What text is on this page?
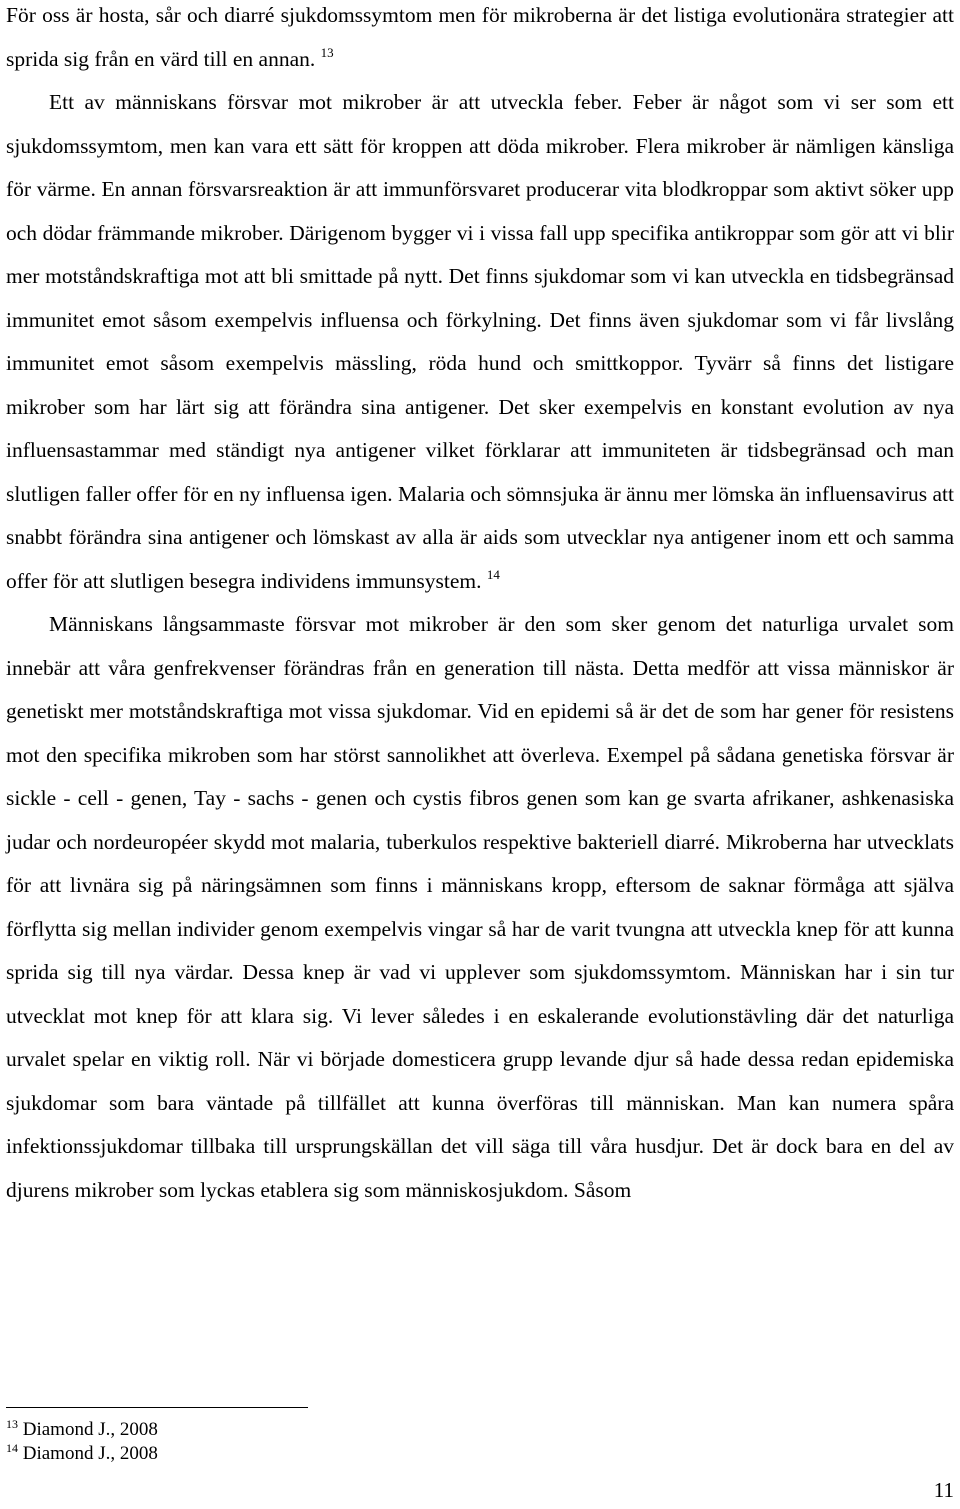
För oss är hosta, sår och diarré sjukdomssymtom men för mikroberna är det listiga evolutionära strategier att sprida sig från en värd till en annan. $^{13}$

Ett av människans försvar mot mikrober är att utveckla feber. Feber är något som vi ser som ett sjukdomssymtom, men kan vara ett sätt för kroppen att döda mikrober. Flera mikrober är nämligen känsliga för värme. En annan försvarsreaktion är att immunförsvaret producerar vita blodkroppar som aktivt söker upp och dödar främmande mikrober. Därigenom bygger vi i vissa fall upp specifika antikroppar som gör att vi blir mer motståndskraftiga mot att bli smittade på nytt. Det finns sjukdomar som vi kan utveckla en tidsbegränsad immunitet emot såsom exempelvis influensa och förkylning. Det finns även sjukdomar som vi får livslång immunitet emot såsom exempelvis mässling, röda hund och smittkoppor. Tyvärr så finns det listigare mikrober som har lärt sig att förändra sina antigener. Det sker exempelvis en konstant evolution av nya influensastammar med ständigt nya antigener vilket förklarar att immuniteten är tidsbegränsad och man slutligen faller offer för en ny influensa igen. Malaria och sömnsjuka är ännu mer lömska än influensavirus att snabbt förändra sina antigener och lömskast av alla är aids som utvecklar nya antigener inom ett och samma offer för att slutligen besegra individens immunsystem. $^{14}$

Människans långsammaste försvar mot mikrober är den som sker genom det naturliga urvalet som innebär att våra genfrekvenser förändras från en generation till nästa. Detta medför att vissa människor är genetiskt mer motståndskraftiga mot vissa sjukdomar. Vid en epidemi så är det de som har gener för resistens mot den specifika mikroben som har störst sannolikhet att överleva. Exempel på sådana genetiska försvar är sickle - cell - genen, Tay - sachs - genen och cystis fibros genen som kan ge svarta afrikaner, ashkenasiska judar och nordeuropéer skydd mot malaria, tuberkulos respektive bakteriell diarré. Mikroberna har utvecklats för att livnära sig på näringsämnen som finns i människans kropp, eftersom de saknar förmåga att själva förflytta sig mellan individer genom exempelvis vingar så har de varit tvungna att utveckla knep för att kunna sprida sig till nya värdar. Dessa knep är vad vi upplever som sjukdomssymtom. Människan har i sin tur utvecklat mot knep för att klara sig. Vi lever således i en eskalerande evolutionstävling där det naturliga urvalet spelar en viktig roll. När vi började domesticera grupp levande djur så hade dessa redan epidemiska sjukdomar som bara väntade på tillfället att kunna överföras till människan. Man kan numera spåra infektionssjukdomar tillbaka till ursprungskällan det vill säga till våra husdjur. Det är dock bara en del av djurens mikrober som lyckas etablera sig som människosjukdom. Såsom

$^{13}$ Diamond J., 2008
$^{14}$ Diamond J., 2008
11
